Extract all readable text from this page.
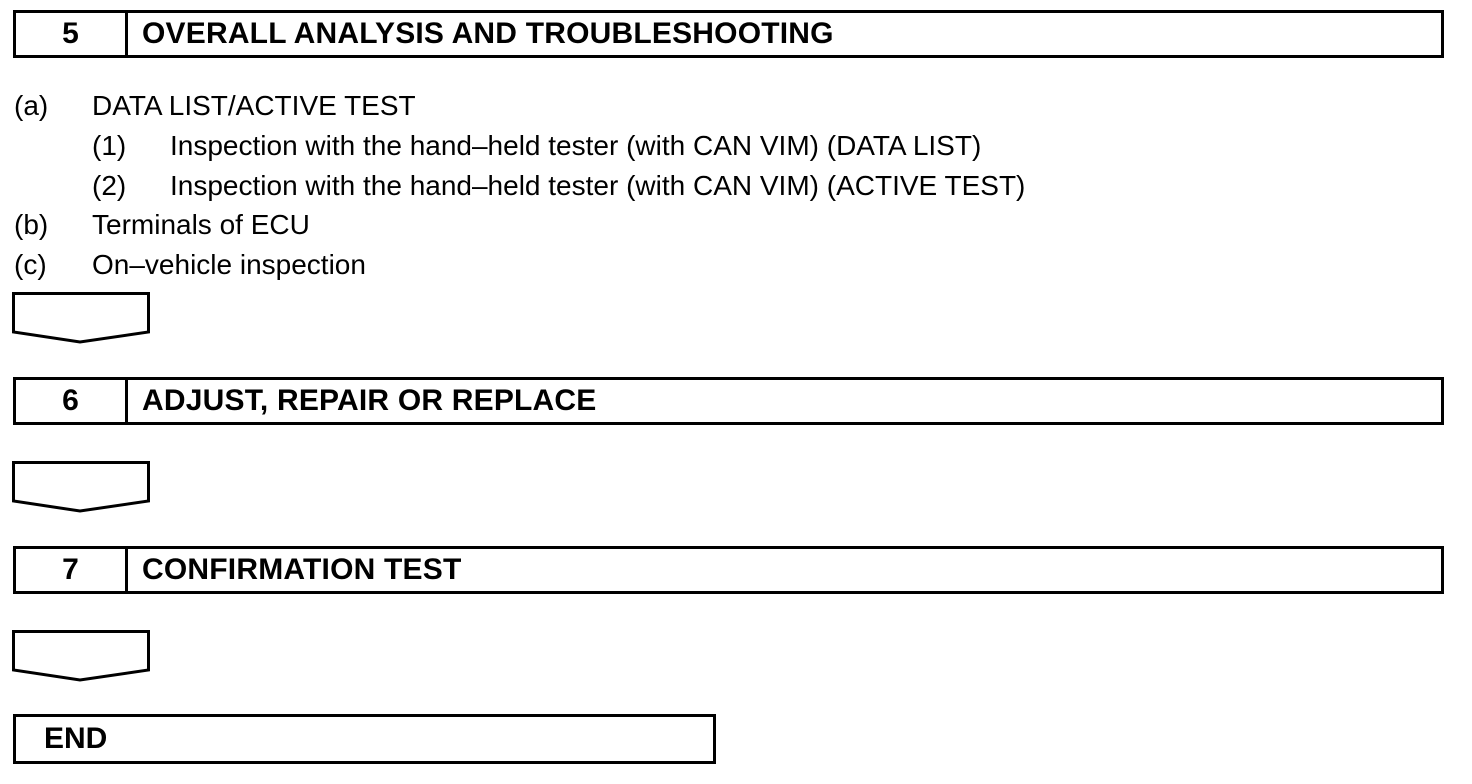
5	OVERALL ANALYSIS AND TROUBLESHOOTING
(a) DATA LIST/ACTIVE TEST
(1) Inspection with the hand–held tester (with CAN VIM) (DATA LIST)
(2) Inspection with the hand–held tester (with CAN VIM) (ACTIVE TEST)
(b) Terminals of ECU
(c) On–vehicle inspection
6	ADJUST, REPAIR OR REPLACE
7	CONFIRMATION TEST
END
